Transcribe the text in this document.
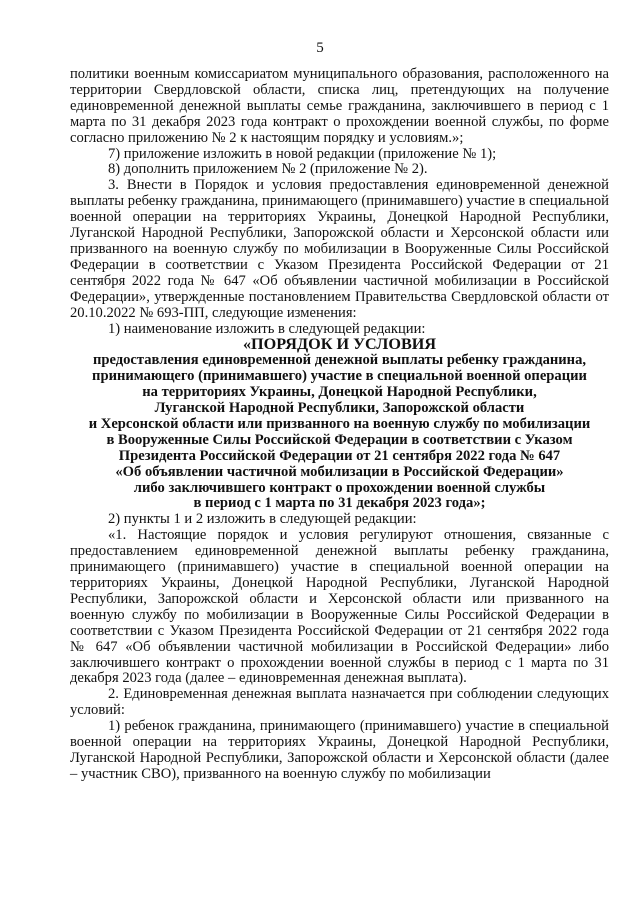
5

политики военным комиссариатом муниципального образования, расположенного на территории Свердловской области, списка лиц, претендующих на получение единовременной денежной выплаты семье гражданина, заключившего в период с 1 марта по 31 декабря 2023 года контракт о прохождении военной службы, по форме согласно приложению № 2 к настоящим порядку и условиям.»;

7) приложение изложить в новой редакции (приложение № 1);

8) дополнить приложением № 2 (приложение № 2).

3. Внести в Порядок и условия предоставления единовременной денежной выплаты ребенку гражданина, принимающего (принимавшего) участие в специальной военной операции на территориях Украины, Донецкой Народной Республики, Луганской Народной Республики, Запорожской области и Херсонской области или призванного на военную службу по мобилизации в Вооруженные Силы Российской Федерации в соответствии с Указом Президента Российской Федерации от 21 сентября 2022 года № 647 «Об объявлении частичной мобилизации в Российской Федерации», утвержденные постановлением Правительства Свердловской области от 20.10.2022 № 693-ПП, следующие изменения:

1) наименование изложить в следующей редакции:

«ПОРЯДОК И УСЛОВИЯ
предоставления единовременной денежной выплаты ребенку гражданина,
принимающего (принимавшего) участие в специальной военной операции
на территориях Украины, Донецкой Народной Республики,
Луганской Народной Республики, Запорожской области
и Херсонской области или призванного на военную службу по мобилизации
в Вооруженные Силы Российской Федерации в соответствии с Указом
Президента Российской Федерации от 21 сентября 2022 года № 647
«Об объявлении частичной мобилизации в Российской Федерации»
либо заключившего контракт о прохождении военной службы
в период с 1 марта по 31 декабря 2023 года»;

2) пункты 1 и 2 изложить в следующей редакции:

«1. Настоящие порядок и условия регулируют отношения, связанные с предоставлением единовременной денежной выплаты ребенку гражданина, принимающего (принимавшего) участие в специальной военной операции на территориях Украины, Донецкой Народной Республики, Луганской Народной Республики, Запорожской области и Херсонской области или призванного на военную службу по мобилизации в Вооруженные Силы Российской Федерации в соответствии с Указом Президента Российской Федерации от 21 сентября 2022 года № 647 «Об объявлении частичной мобилизации в Российской Федерации» либо заключившего контракт о прохождении военной службы в период с 1 марта по 31 декабря 2023 года (далее – единовременная денежная выплата).

2. Единовременная денежная выплата назначается при соблюдении следующих условий:

1) ребенок гражданина, принимающего (принимавшего) участие в специальной военной операции на территориях Украины, Донецкой Народной Республики, Луганской Народной Республики, Запорожской области и Херсонской области (далее – участник СВО), призванного на военную службу по мобилизации
